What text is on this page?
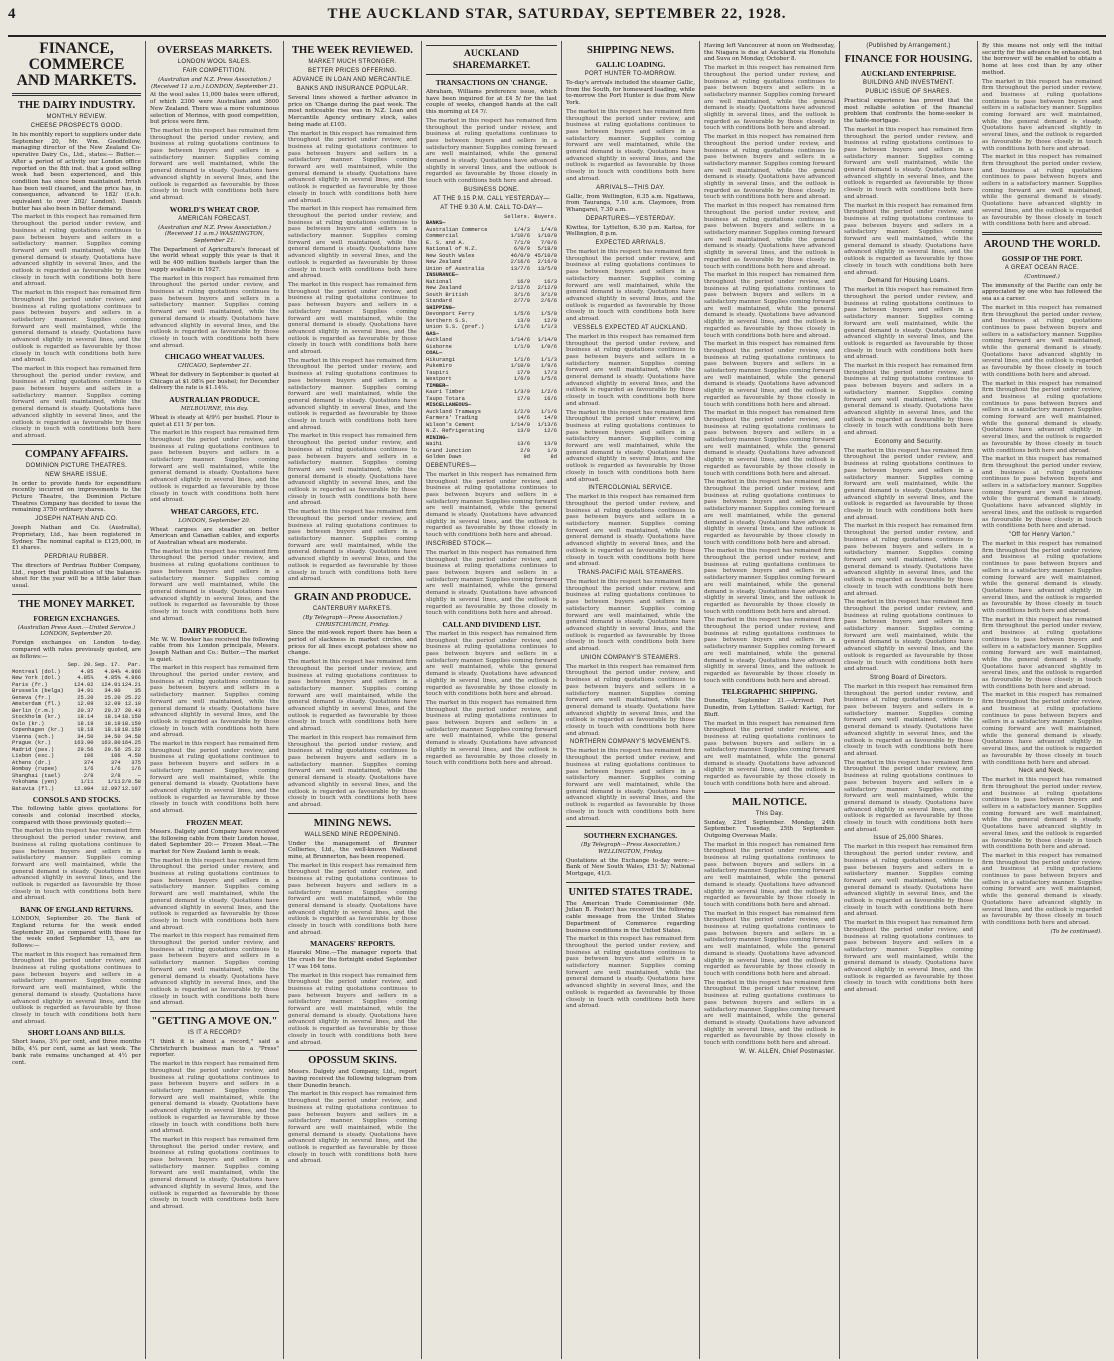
4	THE AUCKLAND STAR, SATURDAY, SEPTEMBER 22, 1928.
FINANCE, COMMERCE AND MARKETS.
THE DAIRY INDUSTRY.
MONTHLY REVIEW.
CHEESE PROSPECTS GOOD.

In his monthly report to suppliers under date September 20, Mr. Wm. Goodfellow, managing director of the New Zealand Co-operative Dairy Co., Ltd., states:— Butter.—After a period of activity our London office reported on the 8th inst. that a good selling week had been experienced, and this condition has since been maintained. Irrish has been well cleared, and the price has, in consequence, advanced to 182/ (f.o.b. equivalent to over 202/ London). Danish butter has also been in better demand.

The market in this respect has remained firm throughout the period under review, and business at ruling quotations continues to pass between buyers and sellers in a satisfactory manner. Supplies coming forward are well maintained, while the general demand is steady. Quotations have advanced slightly in several lines, and the outlook is regarded as favourable by those closely in touch with conditions both here and abroad.

The market in this respect has remained firm throughout the period under review, and business at ruling quotations continues to pass between buyers and sellers in a satisfactory manner. Supplies coming forward are well maintained, while the general demand is steady. Quotations have advanced slightly in several lines, and the outlook is regarded as favourable by those closely in touch with conditions both here and abroad.

The market in this respect has remained firm throughout the period under review, and business at ruling quotations continues to pass between buyers and sellers in a satisfactory manner. Supplies coming forward are well maintained, while the general demand is steady. Quotations have advanced slightly in several lines, and the outlook is regarded as favourable by those closely in touch with conditions both here and abroad.

COMPANY AFFAIRS.
DOMINION PICTURE THEATRES.
NEW SHARE ISSUE.

In order to provide funds for expenditure recently incurred on improvements to the Picture Theatre, the Dominion Picture Theatres Company has decided to issue the remaining 3750 ordinary shares.

JOSEPH NATHAN AND CO.

Joseph Nathan and Co. (Australia), Proprietary, Ltd., has been registered in Sydney. The nominal capital is £125,000, in £1 shares.

PERDRIAU RUBBER.

The directors of Perdriau Rubber Company, Ltd., report that publication of the balance-sheet for the year will be a little later than usual.

THE MONEY MARKET.
FOREIGN EXCHANGES.
(Australian Press Assn.—United Service.) LONDON, September 20.

Foreign exchanges on London to-day, compared with rates previously quoted, are as follows:—

	Sep. 20.	Sep. 17.	Par.
Montreal (dol.)	4.85	4.84⅞	4.866
New York (dol.)	4.85⅞	4.85⅝	4.866
Paris (fr.)	124.02	124.01	124.21
Brussels (belga)	34.91	34.90	35
Geneva (fr.)	25.20	25.20	25.22
Amsterdam (fl.)	12.09	12.09	12.10
Berlin (r.m.)	20.37	20.37	20.43
Stockholm (kr.)	18.14	18.14	18.159
Oslo (kr.)	18.19	18.19	18.159
Copenhagen (kr.)	18.18	18.18	18.159
Vienna (sch.)	34.50	34.50	34.58
Prague (kr.)	163.90	163.80	164.25
Madrid (pes.)	29.56	29.56	25.22
Lisbon (esc.)	106	106	4.50
Athens (dr.)	374	374	375
Bombay (rupee)	1/6	1/6	1/6
Shanghai (tael)	2/8	2/8	—
Yokohama (yen)	1/11	1/11	2/0.58
Batavia (fl.)	12.094	12.097	12.107
CONSOLS AND STOCKS.

The following table gives quotations for consols and colonial inscribed stocks, compared with those previously quoted:—

The market in this respect has remained firm throughout the period under review, and business at ruling quotations continues to pass between buyers and sellers in a satisfactory manner. Supplies coming forward are well maintained, while the general demand is steady. Quotations have advanced slightly in several lines, and the outlook is regarded as favourable by those closely in touch with conditions both here and abroad.

BANK OF ENGLAND RETURNS.

LONDON, September 20. The Bank of England returns for the week ended September 20, as compared with those for the week ended September 13, are as follows:—

The market in this respect has remained firm throughout the period under review, and business at ruling quotations continues to pass between buyers and sellers in a satisfactory manner. Supplies coming forward are well maintained, while the general demand is steady. Quotations have advanced slightly in several lines, and the outlook is regarded as favourable by those closely in touch with conditions both here and abroad.

SHORT LOANS AND BILLS.

Short loans, 3½ per cent, and three months bills, 4¼ per cent, same as last week. The bank rate remains unchanged at 4½ per cent.

OVERSEAS MARKETS.
LONDON WOOL SALES.
FAIR COMPETITION.
(Australian and N.Z. Press Association.) (Received 11 a.m.) LONDON, September 21.

At the wool sales 11,000 bales were offered, of which 2300 were Australian and 3600 New Zealand. There was a more voluminous selection of Merinos, with good competition, but prices were firm.

The market in this respect has remained firm throughout the period under review, and business at ruling quotations continues to pass between buyers and sellers in a satisfactory manner. Supplies coming forward are well maintained, while the general demand is steady. Quotations have advanced slightly in several lines, and the outlook is regarded as favourable by those closely in touch with conditions both here and abroad.

WORLD'S WHEAT CROP.
AMERICAN FORECAST.
(Australian and N.Z. Press Association.) (Received 11 a.m.) WASHINGTON, September 21.

The Department of Agriculture's forecast of the world wheat supply this year is that it will be 400 million bushels larger than the supply available in 1927.

The market in this respect has remained firm throughout the period under review, and business at ruling quotations continues to pass between buyers and sellers in a satisfactory manner. Supplies coming forward are well maintained, while the general demand is steady. Quotations have advanced slightly in several lines, and the outlook is regarded as favourable by those closely in touch with conditions both here and abroad.

CHICAGO WHEAT VALUES.
CHICAGO, September 21.

Wheat for delivery in September is quoted at Chicago at $1.08⅝ per bushel; for December delivery the rate is $1.14⅛.

AUSTRALIAN PRODUCE.
MELBOURNE, this day.

Wheat is steady at 4/9½ per bushel. Flour is quiet at £11 5/ per ton.

The market in this respect has remained firm throughout the period under review, and business at ruling quotations continues to pass between buyers and sellers in a satisfactory manner. Supplies coming forward are well maintained, while the general demand is steady. Quotations have advanced slightly in several lines, and the outlook is regarded as favourable by those closely in touch with conditions both here and abroad.

WHEAT CARGOES, ETC.
LONDON, September 20.

Wheat cargoes are steadier on better American and Canadian cables, and exports of Australian wheat are moderate.

The market in this respect has remained firm throughout the period under review, and business at ruling quotations continues to pass between buyers and sellers in a satisfactory manner. Supplies coming forward are well maintained, while the general demand is steady. Quotations have advanced slightly in several lines, and the outlook is regarded as favourable by those closely in touch with conditions both here and abroad.

DAIRY PRODUCE.

Mr. W. W. Bowker has received the following cable from his London principals, Messrs. Joseph Nathan and Co.: Butter.—The market is quiet.

The market in this respect has remained firm throughout the period under review, and business at ruling quotations continues to pass between buyers and sellers in a satisfactory manner. Supplies coming forward are well maintained, while the general demand is steady. Quotations have advanced slightly in several lines, and the outlook is regarded as favourable by those closely in touch with conditions both here and abroad.

The market in this respect has remained firm throughout the period under review, and business at ruling quotations continues to pass between buyers and sellers in a satisfactory manner. Supplies coming forward are well maintained, while the general demand is steady. Quotations have advanced slightly in several lines, and the outlook is regarded as favourable by those closely in touch with conditions both here and abroad.

FROZEN MEAT.

Messrs. Dalgety and Company have received the following cable from their London house, dated September 20:— Frozen Meat.—The market for New Zealand lamb is weak.

The market in this respect has remained firm throughout the period under review, and business at ruling quotations continues to pass between buyers and sellers in a satisfactory manner. Supplies coming forward are well maintained, while the general demand is steady. Quotations have advanced slightly in several lines, and the outlook is regarded as favourable by those closely in touch with conditions both here and abroad.

The market in this respect has remained firm throughout the period under review, and business at ruling quotations continues to pass between buyers and sellers in a satisfactory manner. Supplies coming forward are well maintained, while the general demand is steady. Quotations have advanced slightly in several lines, and the outlook is regarded as favourable by those closely in touch with conditions both here and abroad.

"GETTING A MOVE ON."
IS IT A RECORD?

"I think it is about a record," said a Christchurch business man to a "Press" reporter.

The market in this respect has remained firm throughout the period under review, and business at ruling quotations continues to pass between buyers and sellers in a satisfactory manner. Supplies coming forward are well maintained, while the general demand is steady. Quotations have advanced slightly in several lines, and the outlook is regarded as favourable by those closely in touch with conditions both here and abroad.

The market in this respect has remained firm throughout the period under review, and business at ruling quotations continues to pass between buyers and sellers in a satisfactory manner. Supplies coming forward are well maintained, while the general demand is steady. Quotations have advanced slightly in several lines, and the outlook is regarded as favourable by those closely in touch with conditions both here and abroad.

THE WEEK REVIEWED.
MARKET MUCH STRONGER.
BETTER PRICES OFFERING.
ADVANCE IN LOAN AND MERCANTILE.
BANKS AND INSURANCE POPULAR.

Several lines showed a further advance in price on 'Change during the past week. The most noticeable rise was in N.Z. Loan and Mercantile Agency ordinary stock, sales being made at £105.

The market in this respect has remained firm throughout the period under review, and business at ruling quotations continues to pass between buyers and sellers in a satisfactory manner. Supplies coming forward are well maintained, while the general demand is steady. Quotations have advanced slightly in several lines, and the outlook is regarded as favourable by those closely in touch with conditions both here and abroad.

The market in this respect has remained firm throughout the period under review, and business at ruling quotations continues to pass between buyers and sellers in a satisfactory manner. Supplies coming forward are well maintained, while the general demand is steady. Quotations have advanced slightly in several lines, and the outlook is regarded as favourable by those closely in touch with conditions both here and abroad.

The market in this respect has remained firm throughout the period under review, and business at ruling quotations continues to pass between buyers and sellers in a satisfactory manner. Supplies coming forward are well maintained, while the general demand is steady. Quotations have advanced slightly in several lines, and the outlook is regarded as favourable by those closely in touch with conditions both here and abroad.

The market in this respect has remained firm throughout the period under review, and business at ruling quotations continues to pass between buyers and sellers in a satisfactory manner. Supplies coming forward are well maintained, while the general demand is steady. Quotations have advanced slightly in several lines, and the outlook is regarded as favourable by those closely in touch with conditions both here and abroad.

The market in this respect has remained firm throughout the period under review, and business at ruling quotations continues to pass between buyers and sellers in a satisfactory manner. Supplies coming forward are well maintained, while the general demand is steady. Quotations have advanced slightly in several lines, and the outlook is regarded as favourable by those closely in touch with conditions both here and abroad.

The market in this respect has remained firm throughout the period under review, and business at ruling quotations continues to pass between buyers and sellers in a satisfactory manner. Supplies coming forward are well maintained, while the general demand is steady. Quotations have advanced slightly in several lines, and the outlook is regarded as favourable by those closely in touch with conditions both here and abroad.

GRAIN AND PRODUCE.
CANTERBURY MARKETS.
(By Telegraph—Press Association.) CHRISTCHURCH, Friday.

Since the mid-week report there has been a period of slackness in market circles, and prices for all lines except potatoes show no change.

The market in this respect has remained firm throughout the period under review, and business at ruling quotations continues to pass between buyers and sellers in a satisfactory manner. Supplies coming forward are well maintained, while the general demand is steady. Quotations have advanced slightly in several lines, and the outlook is regarded as favourable by those closely in touch with conditions both here and abroad.

The market in this respect has remained firm throughout the period under review, and business at ruling quotations continues to pass between buyers and sellers in a satisfactory manner. Supplies coming forward are well maintained, while the general demand is steady. Quotations have advanced slightly in several lines, and the outlook is regarded as favourable by those closely in touch with conditions both here and abroad.

MINING NEWS.
WALLSEND MINE REOPENING.

Under the management of Brunner Collieries, Ltd., the well-known Wallsend mine, at Brunnerton, has been reopened.

The market in this respect has remained firm throughout the period under review, and business at ruling quotations continues to pass between buyers and sellers in a satisfactory manner. Supplies coming forward are well maintained, while the general demand is steady. Quotations have advanced slightly in several lines, and the outlook is regarded as favourable by those closely in touch with conditions both here and abroad.

MANAGERS' REPORTS.

Hauraki Mine.—The manager reports that the crush for the fortnight ended September 17 was 164 tons.

The market in this respect has remained firm throughout the period under review, and business at ruling quotations continues to pass between buyers and sellers in a satisfactory manner. Supplies coming forward are well maintained, while the general demand is steady. Quotations have advanced slightly in several lines, and the outlook is regarded as favourable by those closely in touch with conditions both here and abroad.

OPOSSUM SKINS.

Messrs. Dalgety and Company, Ltd., report having received the following telegram from their Dunedin branch.

The market in this respect has remained firm throughout the period under review, and business at ruling quotations continues to pass between buyers and sellers in a satisfactory manner. Supplies coming forward are well maintained, while the general demand is steady. Quotations have advanced slightly in several lines, and the outlook is regarded as favourable by those closely in touch with conditions both here and abroad.

AUCKLAND SHAREMARKET.
TRANSACTIONS ON 'CHANGE.

Abraham, Williams preference issue, which have been inquired for at £4 5/ for the last couple of weeks, changed hands at the call this morning at £4 7/.

The market in this respect has remained firm throughout the period under review, and business at ruling quotations continues to pass between buyers and sellers in a satisfactory manner. Supplies coming forward are well maintained, while the general demand is steady. Quotations have advanced slightly in several lines, and the outlook is regarded as favourable by those closely in touch with conditions both here and abroad.

BUSINESS DONE.
AT THE 9.15 P.M. CALL YESTERDAY—
AT THE 9.30 A.M. CALL TO-DAY—
	Sellers.	Buyers.
BANKS—		
Australian Commerce	1/4/3	1/4/0
Commercial	1/10/6	1/10/0
E. S. and A.	7/1/0	7/0/6
National of N.Z.	6/0/0	5/18/0
New South Wales	46/0/0	45/10/0
New Zealand	2/16/6	2/16/0
Union of Australia	13/7/6	13/5/0
INSURANCE—		
National	16/9	16/3
New Zealand	2/12/6	2/12/0
South British	3/1/6	3/1/0
Standard	2/7/0	2/6/6
SHIPPING—		
Devonport Ferry	1/5/6	1/5/0
Northern S.S.	13/0	12/9
Union S.S. (pref.)	1/1/6	1/1/3
GAS—		
Auckland	1/14/6	1/14/0
Gisborne	1/1/0	1/0/6
COAL—		
Hikurangi	1/1/6	1/1/3
Pukemiro	1/10/0	1/9/6
Taupiri	17/9	17/3
Westport	1/6/0	1/5/6
TIMBER—		
Kauri Timber	1/3/0	1/2/6
Taupo Totara	17/0	16/6
MISCELLANEOUS—		
Auckland Tramways	1/2/0	1/1/6
Farmers' Trading	14/6	14/0
Wilson's Cement	1/14/0	1/13/6
N.Z. Refrigerating	13/0	12/6
MINING—		
Waihi	13/6	13/0
Grand Junction	2/0	1/9
Golden Dawn	9d	8d
DEBENTURES—

The market in this respect has remained firm throughout the period under review, and business at ruling quotations continues to pass between buyers and sellers in a satisfactory manner. Supplies coming forward are well maintained, while the general demand is steady. Quotations have advanced slightly in several lines, and the outlook is regarded as favourable by those closely in touch with conditions both here and abroad.

INSCRIBED STOCK—

The market in this respect has remained firm throughout the period under review, and business at ruling quotations continues to pass between buyers and sellers in a satisfactory manner. Supplies coming forward are well maintained, while the general demand is steady. Quotations have advanced slightly in several lines, and the outlook is regarded as favourable by those closely in touch with conditions both here and abroad.

CALL AND DIVIDEND LIST.

The market in this respect has remained firm throughout the period under review, and business at ruling quotations continues to pass between buyers and sellers in a satisfactory manner. Supplies coming forward are well maintained, while the general demand is steady. Quotations have advanced slightly in several lines, and the outlook is regarded as favourable by those closely in touch with conditions both here and abroad.

The market in this respect has remained firm throughout the period under review, and business at ruling quotations continues to pass between buyers and sellers in a satisfactory manner. Supplies coming forward are well maintained, while the general demand is steady. Quotations have advanced slightly in several lines, and the outlook is regarded as favourable by those closely in touch with conditions both here and abroad.

SHIPPING NEWS.
GALLIC LOADING.
PORT HUNTER TO-MORROW.

To-day's arrivals included the steamer Gallic, from the South, for homeward loading, while to-morrow the Port Hunter is due from New York.

The market in this respect has remained firm throughout the period under review, and business at ruling quotations continues to pass between buyers and sellers in a satisfactory manner. Supplies coming forward are well maintained, while the general demand is steady. Quotations have advanced slightly in several lines, and the outlook is regarded as favourable by those closely in touch with conditions both here and abroad.

ARRIVALS—THIS DAY.

Gallic, from Wellington, 6.35 a.m. Ngatiawa, from Tauranga, 7.10 a.m. Claymore, from Whangarei, 7.30 a.m.

DEPARTURES—YESTERDAY.

Kiwitea, for Lyttelton, 6.30 p.m. Kaitoa, for Wellington, 8 p.m.

EXPECTED ARRIVALS.

The market in this respect has remained firm throughout the period under review, and business at ruling quotations continues to pass between buyers and sellers in a satisfactory manner. Supplies coming forward are well maintained, while the general demand is steady. Quotations have advanced slightly in several lines, and the outlook is regarded as favourable by those closely in touch with conditions both here and abroad.

VESSELS EXPECTED AT AUCKLAND.

The market in this respect has remained firm throughout the period under review, and business at ruling quotations continues to pass between buyers and sellers in a satisfactory manner. Supplies coming forward are well maintained, while the general demand is steady. Quotations have advanced slightly in several lines, and the outlook is regarded as favourable by those closely in touch with conditions both here and abroad.

The market in this respect has remained firm throughout the period under review, and business at ruling quotations continues to pass between buyers and sellers in a satisfactory manner. Supplies coming forward are well maintained, while the general demand is steady. Quotations have advanced slightly in several lines, and the outlook is regarded as favourable by those closely in touch with conditions both here and abroad.

INTERCOLONIAL SERVICE.

The market in this respect has remained firm throughout the period under review, and business at ruling quotations continues to pass between buyers and sellers in a satisfactory manner. Supplies coming forward are well maintained, while the general demand is steady. Quotations have advanced slightly in several lines, and the outlook is regarded as favourable by those closely in touch with conditions both here and abroad.

TRANS-PACIFIC MAIL STEAMERS.

The market in this respect has remained firm throughout the period under review, and business at ruling quotations continues to pass between buyers and sellers in a satisfactory manner. Supplies coming forward are well maintained, while the general demand is steady. Quotations have advanced slightly in several lines, and the outlook is regarded as favourable by those closely in touch with conditions both here and abroad.

UNION COMPANY'S STEAMERS.

The market in this respect has remained firm throughout the period under review, and business at ruling quotations continues to pass between buyers and sellers in a satisfactory manner. Supplies coming forward are well maintained, while the general demand is steady. Quotations have advanced slightly in several lines, and the outlook is regarded as favourable by those closely in touch with conditions both here and abroad.

NORTHERN COMPANY'S MOVEMENTS.

The market in this respect has remained firm throughout the period under review, and business at ruling quotations continues to pass between buyers and sellers in a satisfactory manner. Supplies coming forward are well maintained, while the general demand is steady. Quotations have advanced slightly in several lines, and the outlook is regarded as favourable by those closely in touch with conditions both here and abroad.

SOUTHERN EXCHANGES.
(By Telegraph—Press Association.) WELLINGTON, Friday.

Quotations at the Exchange to-day were:— Bank of New South Wales, £51 5/; National Mortgage, 41/3.

UNITED STATES TRADE.

The American Trade Commissioner (Mr. Julian B. Foster) has received the following cable message from the United States Department of Commerce regarding business conditions in the United States.

The market in this respect has remained firm throughout the period under review, and business at ruling quotations continues to pass between buyers and sellers in a satisfactory manner. Supplies coming forward are well maintained, while the general demand is steady. Quotations have advanced slightly in several lines, and the outlook is regarded as favourable by those closely in touch with conditions both here and abroad.

Having left Vancouver at noon on Wednesday, the Niagara is due at Auckland via Honolulu and Suva on Monday, October 8.

The market in this respect has remained firm throughout the period under review, and business at ruling quotations continues to pass between buyers and sellers in a satisfactory manner. Supplies coming forward are well maintained, while the general demand is steady. Quotations have advanced slightly in several lines, and the outlook is regarded as favourable by those closely in touch with conditions both here and abroad.

The market in this respect has remained firm throughout the period under review, and business at ruling quotations continues to pass between buyers and sellers in a satisfactory manner. Supplies coming forward are well maintained, while the general demand is steady. Quotations have advanced slightly in several lines, and the outlook is regarded as favourable by those closely in touch with conditions both here and abroad.

The market in this respect has remained firm throughout the period under review, and business at ruling quotations continues to pass between buyers and sellers in a satisfactory manner. Supplies coming forward are well maintained, while the general demand is steady. Quotations have advanced slightly in several lines, and the outlook is regarded as favourable by those closely in touch with conditions both here and abroad.

The market in this respect has remained firm throughout the period under review, and business at ruling quotations continues to pass between buyers and sellers in a satisfactory manner. Supplies coming forward are well maintained, while the general demand is steady. Quotations have advanced slightly in several lines, and the outlook is regarded as favourable by those closely in touch with conditions both here and abroad.

The market in this respect has remained firm throughout the period under review, and business at ruling quotations continues to pass between buyers and sellers in a satisfactory manner. Supplies coming forward are well maintained, while the general demand is steady. Quotations have advanced slightly in several lines, and the outlook is regarded as favourable by those closely in touch with conditions both here and abroad.

The market in this respect has remained firm throughout the period under review, and business at ruling quotations continues to pass between buyers and sellers in a satisfactory manner. Supplies coming forward are well maintained, while the general demand is steady. Quotations have advanced slightly in several lines, and the outlook is regarded as favourable by those closely in touch with conditions both here and abroad.

The market in this respect has remained firm throughout the period under review, and business at ruling quotations continues to pass between buyers and sellers in a satisfactory manner. Supplies coming forward are well maintained, while the general demand is steady. Quotations have advanced slightly in several lines, and the outlook is regarded as favourable by those closely in touch with conditions both here and abroad.

The market in this respect has remained firm throughout the period under review, and business at ruling quotations continues to pass between buyers and sellers in a satisfactory manner. Supplies coming forward are well maintained, while the general demand is steady. Quotations have advanced slightly in several lines, and the outlook is regarded as favourable by those closely in touch with conditions both here and abroad.

The market in this respect has remained firm throughout the period under review, and business at ruling quotations continues to pass between buyers and sellers in a satisfactory manner. Supplies coming forward are well maintained, while the general demand is steady. Quotations have advanced slightly in several lines, and the outlook is regarded as favourable by those closely in touch with conditions both here and abroad.

TELEGRAPHIC SHIPPING.

Dunedin, September 21.—Arrived: Port Dunedin, from Lyttelton. Sailed: Kartigi, for Bluff.

The market in this respect has remained firm throughout the period under review, and business at ruling quotations continues to pass between buyers and sellers in a satisfactory manner. Supplies coming forward are well maintained, while the general demand is steady. Quotations have advanced slightly in several lines, and the outlook is regarded as favourable by those closely in touch with conditions both here and abroad.

MAIL NOTICE.
This Day.

Sunday, 23rd September. Monday, 24th September. Tuesday, 25th September. Outgoing Overseas Mails.

The market in this respect has remained firm throughout the period under review, and business at ruling quotations continues to pass between buyers and sellers in a satisfactory manner. Supplies coming forward are well maintained, while the general demand is steady. Quotations have advanced slightly in several lines, and the outlook is regarded as favourable by those closely in touch with conditions both here and abroad.

The market in this respect has remained firm throughout the period under review, and business at ruling quotations continues to pass between buyers and sellers in a satisfactory manner. Supplies coming forward are well maintained, while the general demand is steady. Quotations have advanced slightly in several lines, and the outlook is regarded as favourable by those closely in touch with conditions both here and abroad.

The market in this respect has remained firm throughout the period under review, and business at ruling quotations continues to pass between buyers and sellers in a satisfactory manner. Supplies coming forward are well maintained, while the general demand is steady. Quotations have advanced slightly in several lines, and the outlook is regarded as favourable by those closely in touch with conditions both here and abroad.

W. W. ALLEN, Chief Postmaster.
(Published by Arrangement.)
FINANCE FOR HOUSING.
AUCKLAND ENTERPRISE.
BUILDING AND INVESTMENT.
PUBLIC ISSUE OF SHARES.

Practical experience has proved that the most reliable solution of the financial problem that confronts the home-seeker is the table-mortgage.

The market in this respect has remained firm throughout the period under review, and business at ruling quotations continues to pass between buyers and sellers in a satisfactory manner. Supplies coming forward are well maintained, while the general demand is steady. Quotations have advanced slightly in several lines, and the outlook is regarded as favourable by those closely in touch with conditions both here and abroad.

The market in this respect has remained firm throughout the period under review, and business at ruling quotations continues to pass between buyers and sellers in a satisfactory manner. Supplies coming forward are well maintained, while the general demand is steady. Quotations have advanced slightly in several lines, and the outlook is regarded as favourable by those closely in touch with conditions both here and abroad.

Demand for Housing Loans.

The market in this respect has remained firm throughout the period under review, and business at ruling quotations continues to pass between buyers and sellers in a satisfactory manner. Supplies coming forward are well maintained, while the general demand is steady. Quotations have advanced slightly in several lines, and the outlook is regarded as favourable by those closely in touch with conditions both here and abroad.

The market in this respect has remained firm throughout the period under review, and business at ruling quotations continues to pass between buyers and sellers in a satisfactory manner. Supplies coming forward are well maintained, while the general demand is steady. Quotations have advanced slightly in several lines, and the outlook is regarded as favourable by those closely in touch with conditions both here and abroad.

Economy and Security.

The market in this respect has remained firm throughout the period under review, and business at ruling quotations continues to pass between buyers and sellers in a satisfactory manner. Supplies coming forward are well maintained, while the general demand is steady. Quotations have advanced slightly in several lines, and the outlook is regarded as favourable by those closely in touch with conditions both here and abroad.

The market in this respect has remained firm throughout the period under review, and business at ruling quotations continues to pass between buyers and sellers in a satisfactory manner. Supplies coming forward are well maintained, while the general demand is steady. Quotations have advanced slightly in several lines, and the outlook is regarded as favourable by those closely in touch with conditions both here and abroad.

The market in this respect has remained firm throughout the period under review, and business at ruling quotations continues to pass between buyers and sellers in a satisfactory manner. Supplies coming forward are well maintained, while the general demand is steady. Quotations have advanced slightly in several lines, and the outlook is regarded as favourable by those closely in touch with conditions both here and abroad.

Strong Board of Directors.

The market in this respect has remained firm throughout the period under review, and business at ruling quotations continues to pass between buyers and sellers in a satisfactory manner. Supplies coming forward are well maintained, while the general demand is steady. Quotations have advanced slightly in several lines, and the outlook is regarded as favourable by those closely in touch with conditions both here and abroad.

The market in this respect has remained firm throughout the period under review, and business at ruling quotations continues to pass between buyers and sellers in a satisfactory manner. Supplies coming forward are well maintained, while the general demand is steady. Quotations have advanced slightly in several lines, and the outlook is regarded as favourable by those closely in touch with conditions both here and abroad.

Issue of 25,000 Shares.

The market in this respect has remained firm throughout the period under review, and business at ruling quotations continues to pass between buyers and sellers in a satisfactory manner. Supplies coming forward are well maintained, while the general demand is steady. Quotations have advanced slightly in several lines, and the outlook is regarded as favourable by those closely in touch with conditions both here and abroad.

The market in this respect has remained firm throughout the period under review, and business at ruling quotations continues to pass between buyers and sellers in a satisfactory manner. Supplies coming forward are well maintained, while the general demand is steady. Quotations have advanced slightly in several lines, and the outlook is regarded as favourable by those closely in touch with conditions both here and abroad.

By this means not only will the initial security for the advance be enhanced, but the borrower will be enabled to obtain a home at less cost than by any other method.

The market in this respect has remained firm throughout the period under review, and business at ruling quotations continues to pass between buyers and sellers in a satisfactory manner. Supplies coming forward are well maintained, while the general demand is steady. Quotations have advanced slightly in several lines, and the outlook is regarded as favourable by those closely in touch with conditions both here and abroad.

The market in this respect has remained firm throughout the period under review, and business at ruling quotations continues to pass between buyers and sellers in a satisfactory manner. Supplies coming forward are well maintained, while the general demand is steady. Quotations have advanced slightly in several lines, and the outlook is regarded as favourable by those closely in touch with conditions both here and abroad.

AROUND THE WORLD.
GOSSIP OF THE PORT.
A GREAT OCEAN RACE.
(Continued.)

The immensity of the Pacific can only be appreciated by one who has followed the sea as a career.

The market in this respect has remained firm throughout the period under review, and business at ruling quotations continues to pass between buyers and sellers in a satisfactory manner. Supplies coming forward are well maintained, while the general demand is steady. Quotations have advanced slightly in several lines, and the outlook is regarded as favourable by those closely in touch with conditions both here and abroad.

The market in this respect has remained firm throughout the period under review, and business at ruling quotations continues to pass between buyers and sellers in a satisfactory manner. Supplies coming forward are well maintained, while the general demand is steady. Quotations have advanced slightly in several lines, and the outlook is regarded as favourable by those closely in touch with conditions both here and abroad.

The market in this respect has remained firm throughout the period under review, and business at ruling quotations continues to pass between buyers and sellers in a satisfactory manner. Supplies coming forward are well maintained, while the general demand is steady. Quotations have advanced slightly in several lines, and the outlook is regarded as favourable by those closely in touch with conditions both here and abroad.

"Off for Henry Varton."

The market in this respect has remained firm throughout the period under review, and business at ruling quotations continues to pass between buyers and sellers in a satisfactory manner. Supplies coming forward are well maintained, while the general demand is steady. Quotations have advanced slightly in several lines, and the outlook is regarded as favourable by those closely in touch with conditions both here and abroad.

The market in this respect has remained firm throughout the period under review, and business at ruling quotations continues to pass between buyers and sellers in a satisfactory manner. Supplies coming forward are well maintained, while the general demand is steady. Quotations have advanced slightly in several lines, and the outlook is regarded as favourable by those closely in touch with conditions both here and abroad.

The market in this respect has remained firm throughout the period under review, and business at ruling quotations continues to pass between buyers and sellers in a satisfactory manner. Supplies coming forward are well maintained, while the general demand is steady. Quotations have advanced slightly in several lines, and the outlook is regarded as favourable by those closely in touch with conditions both here and abroad.

Neck and Neck.

The market in this respect has remained firm throughout the period under review, and business at ruling quotations continues to pass between buyers and sellers in a satisfactory manner. Supplies coming forward are well maintained, while the general demand is steady. Quotations have advanced slightly in several lines, and the outlook is regarded as favourable by those closely in touch with conditions both here and abroad.

The market in this respect has remained firm throughout the period under review, and business at ruling quotations continues to pass between buyers and sellers in a satisfactory manner. Supplies coming forward are well maintained, while the general demand is steady. Quotations have advanced slightly in several lines, and the outlook is regarded as favourable by those closely in touch with conditions both here and abroad.

(To be continued).
